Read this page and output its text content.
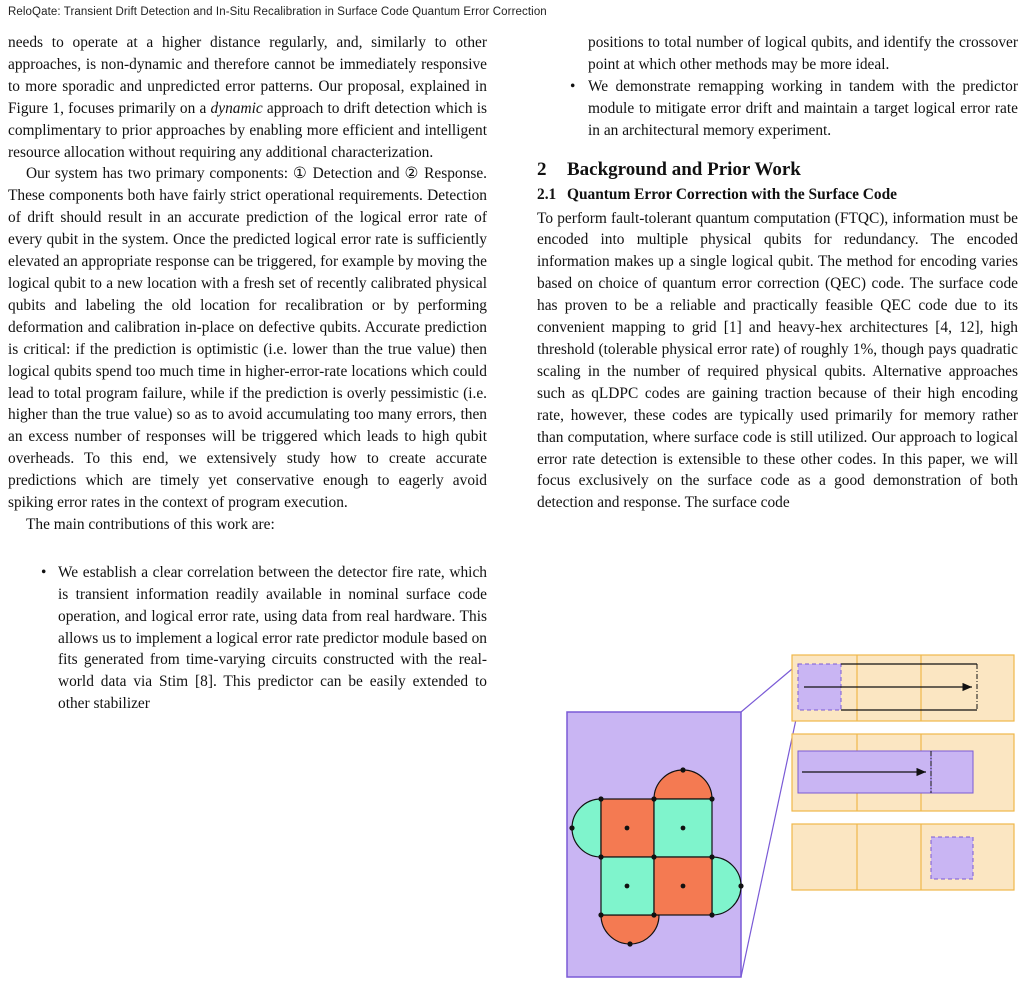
ReloQate: Transient Drift Detection and In-Situ Recalibration in Surface Code Quantum Error Correction

needs to operate at a higher distance regularly, and, similarly to other approaches, is non-dynamic and therefore cannot be immediately responsive to more sporadic and unpredicted error patterns. Our proposal, explained in Figure 1, focuses primarily on a dynamic approach to drift detection which is complimentary to prior approaches by enabling more efficient and intelligent resource allocation without requiring any additional characterization.

Our system has two primary components: ① Detection and ② Response. These components both have fairly strict operational requirements. Detection of drift should result in an accurate prediction of the logical error rate of every qubit in the system. Once the predicted logical error rate is sufficiently elevated an appropriate response can be triggered, for example by moving the logical qubit to a new location with a fresh set of recently calibrated physical qubits and labeling the old location for recalibration or by performing deformation and calibration in-place on defective qubits. Accurate prediction is critical: if the prediction is optimistic (i.e. lower than the true value) then logical qubits spend too much time in higher-error-rate locations which could lead to total program failure, while if the prediction is overly pessimistic (i.e. higher than the true value) so as to avoid accumulating too many errors, then an excess number of responses will be triggered which leads to high qubit overheads. To this end, we extensively study how to create accurate predictions which are timely yet conservative enough to eagerly avoid spiking error rates in the context of program execution.

The main contributions of this work are:

• We establish a clear correlation between the detector fire rate, which is transient information readily available in nominal surface code operation, and logical error rate, using data from real hardware. This allows us to implement a logical error rate predictor module based on fits generated from time-varying circuits constructed with the real-world data via Stim [8]. This predictor can be easily extended to other stabilizer

positions to total number of logical qubits, and identify the crossover point at which other methods may be more ideal.

• We demonstrate remapping working in tandem with the predictor module to mitigate error drift and maintain a target logical error rate in an architectural memory experiment.
2 Background and Prior Work
2.1 Quantum Error Correction with the Surface Code

To perform fault-tolerant quantum computation (FTQC), information must be encoded into multiple physical qubits for redundancy. The encoded information makes up a single logical qubit. The method for encoding varies based on choice of quantum error correction (QEC) code. The surface code has proven to be a reliable and practically feasible QEC code due to its convenient mapping to grid [1] and heavy-hex architectures [4, 12], high threshold (tolerable physical error rate) of roughly 1%, though pays quadratic scaling in the number of required physical qubits. Alternative approaches such as qLDPC codes are gaining traction because of their high encoding rate, however, these codes are typically used primarily for memory rather than computation, where surface code is still utilized. Our approach to logical error rate detection is extensible to these other codes. In this paper, we will focus exclusively on the surface code as a good demonstration of both detection and response. The surface code
